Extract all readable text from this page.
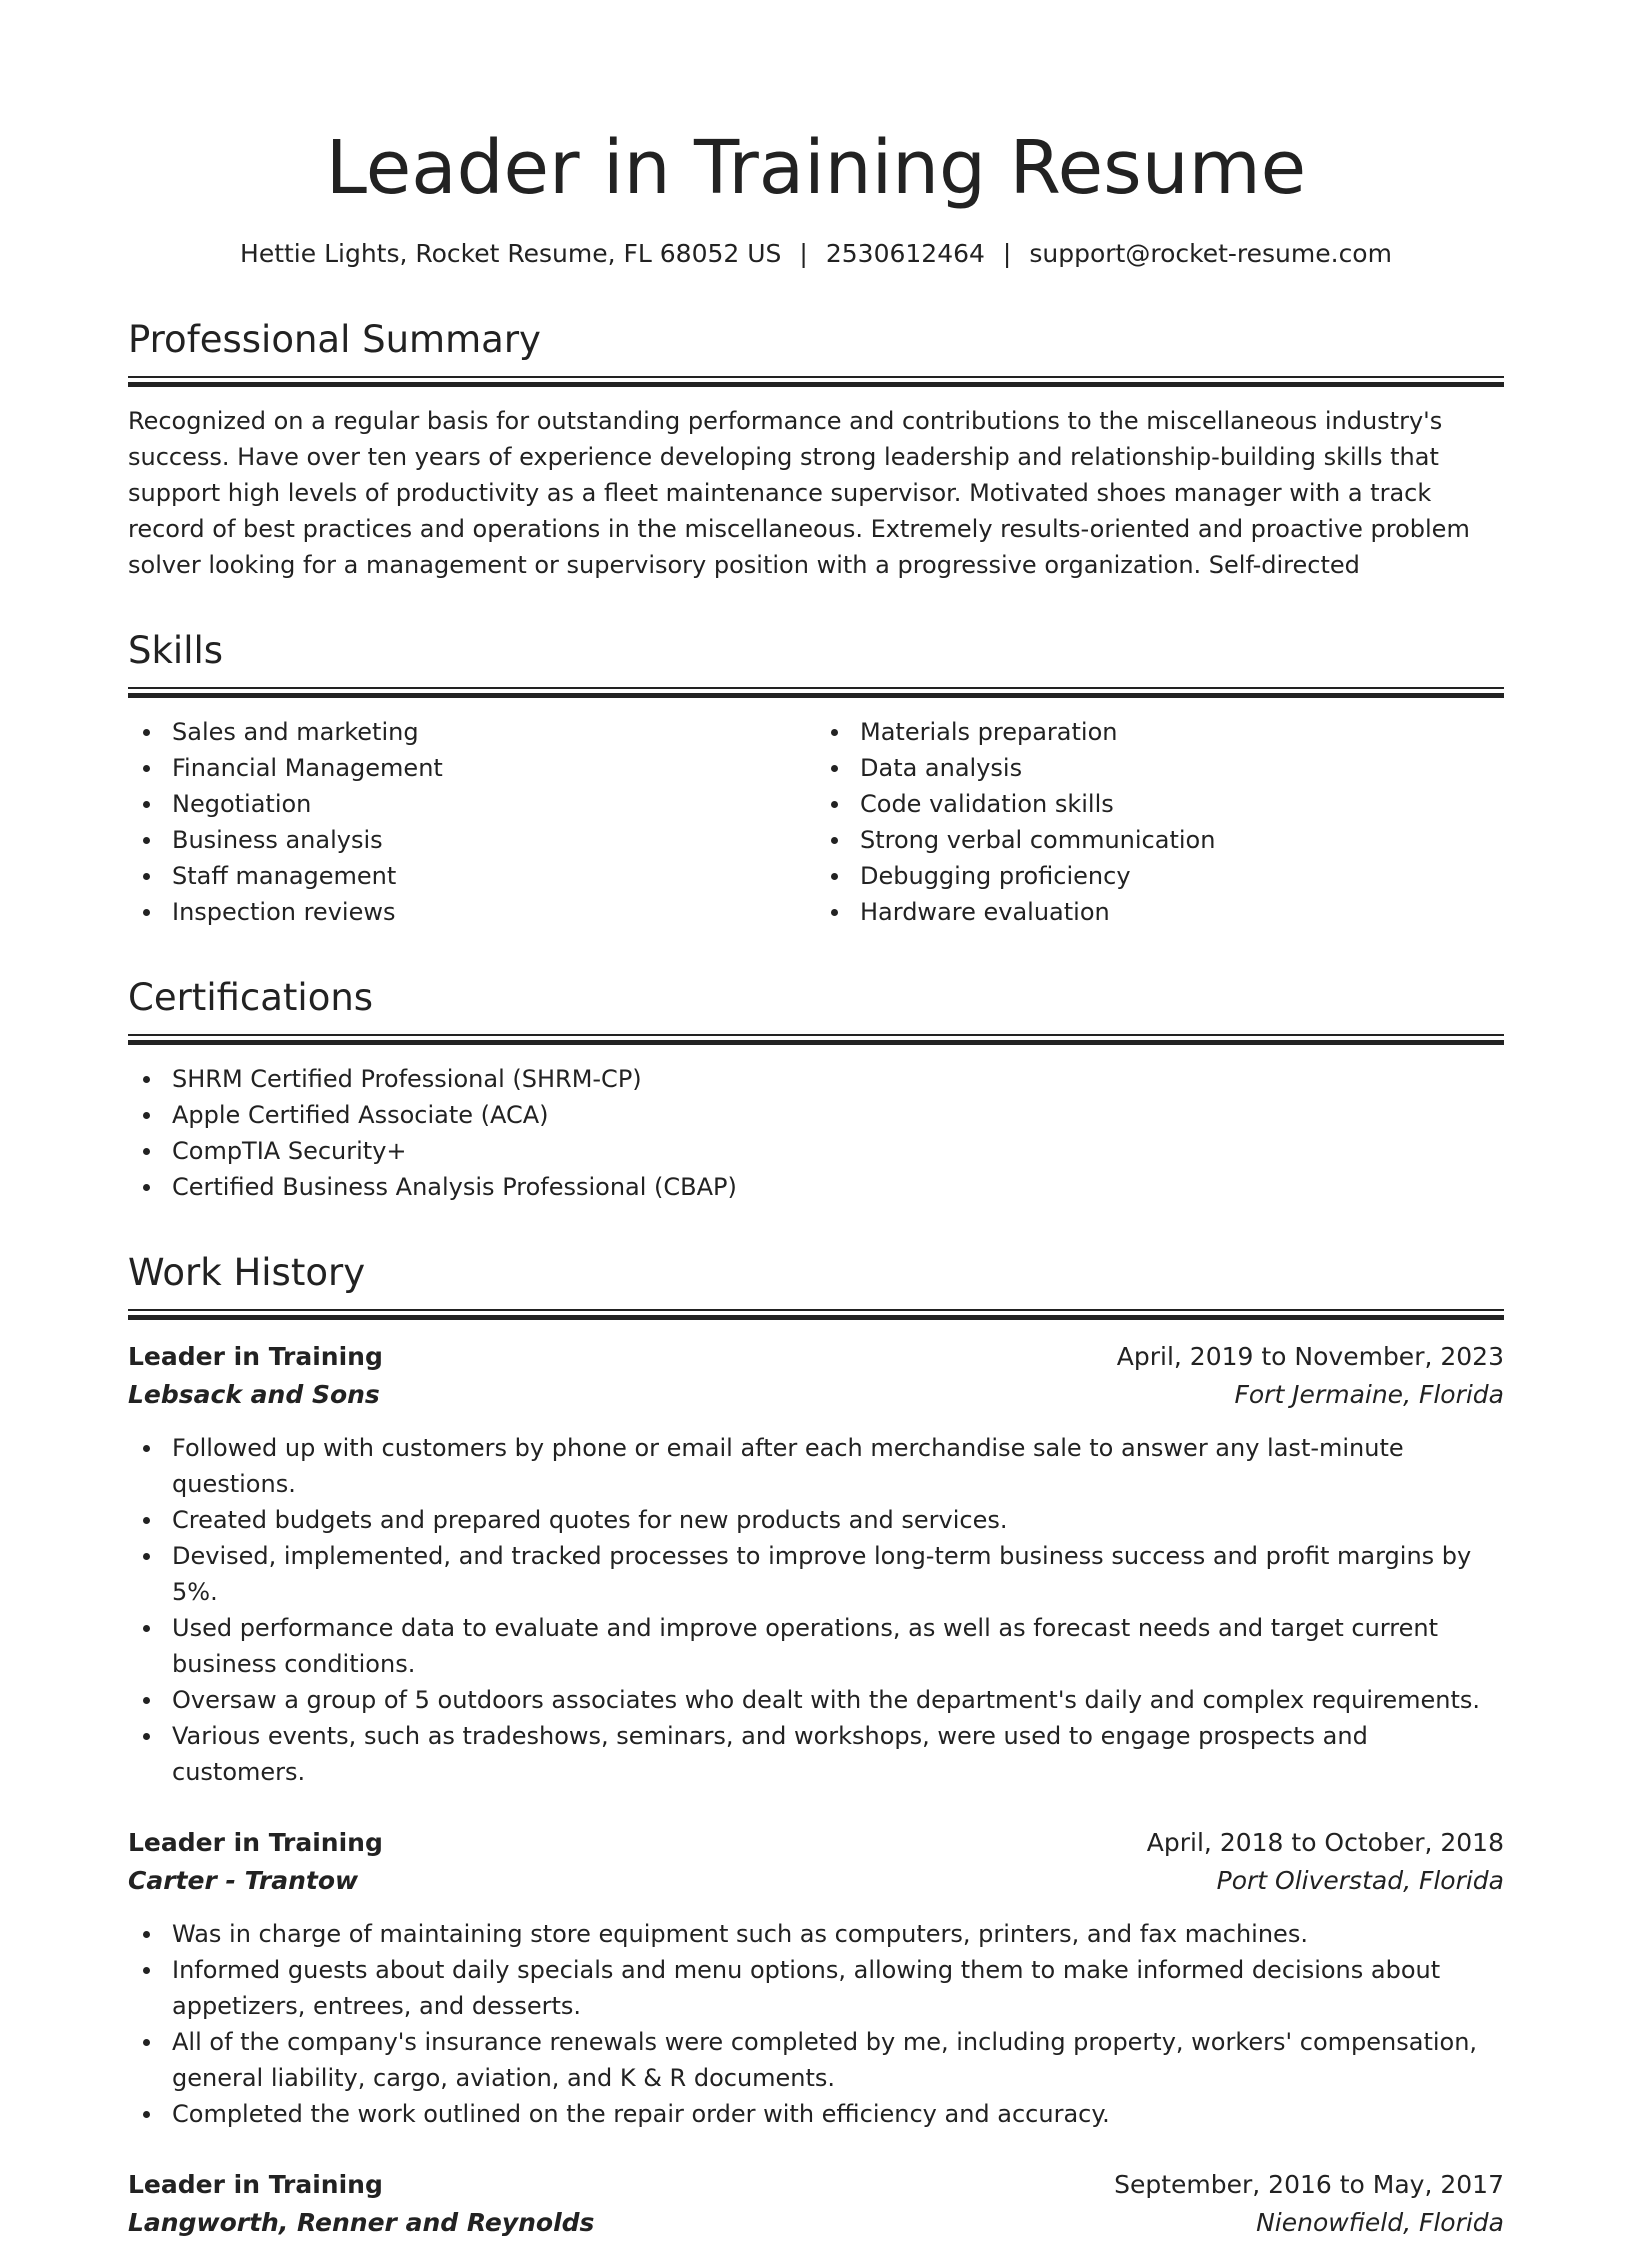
Leader in Training Resume
Hettie Lights, Rocket Resume, FL 68052 US | 2530612464 | support@rocket-resume.com
Professional Summary
Recognized on a regular basis for outstanding performance and contributions to the miscellaneous industry's success. Have over ten years of experience developing strong leadership and relationship-building skills that support high levels of productivity as a fleet maintenance supervisor. Motivated shoes manager with a track record of best practices and operations in the miscellaneous. Extremely results-oriented and proactive problem solver looking for a management or supervisory position with a progressive organization. Self-directed
Skills
Sales and marketing
Financial Management
Negotiation
Business analysis
Staff management
Inspection reviews
Materials preparation
Data analysis
Code validation skills
Strong verbal communication
Debugging proficiency
Hardware evaluation
Certifications
SHRM Certified Professional (SHRM-CP)
Apple Certified Associate (ACA)
CompTIA Security+
Certified Business Analysis Professional (CBAP)
Work History
Leader in Training	April, 2019 to November, 2023
Lebsack and Sons	Fort Jermaine, Florida
Followed up with customers by phone or email after each merchandise sale to answer any last-minute questions.
Created budgets and prepared quotes for new products and services.
Devised, implemented, and tracked processes to improve long-term business success and profit margins by 5%.
Used performance data to evaluate and improve operations, as well as forecast needs and target current business conditions.
Oversaw a group of 5 outdoors associates who dealt with the department's daily and complex requirements.
Various events, such as tradeshows, seminars, and workshops, were used to engage prospects and customers.
Leader in Training	April, 2018 to October, 2018
Carter - Trantow	Port Oliverstad, Florida
Was in charge of maintaining store equipment such as computers, printers, and fax machines.
Informed guests about daily specials and menu options, allowing them to make informed decisions about appetizers, entrees, and desserts.
All of the company's insurance renewals were completed by me, including property, workers' compensation, general liability, cargo, aviation, and K & R documents.
Completed the work outlined on the repair order with efficiency and accuracy.
Leader in Training	September, 2016 to May, 2017
Langworth, Renner and Reynolds	Nienowfield, Florida
